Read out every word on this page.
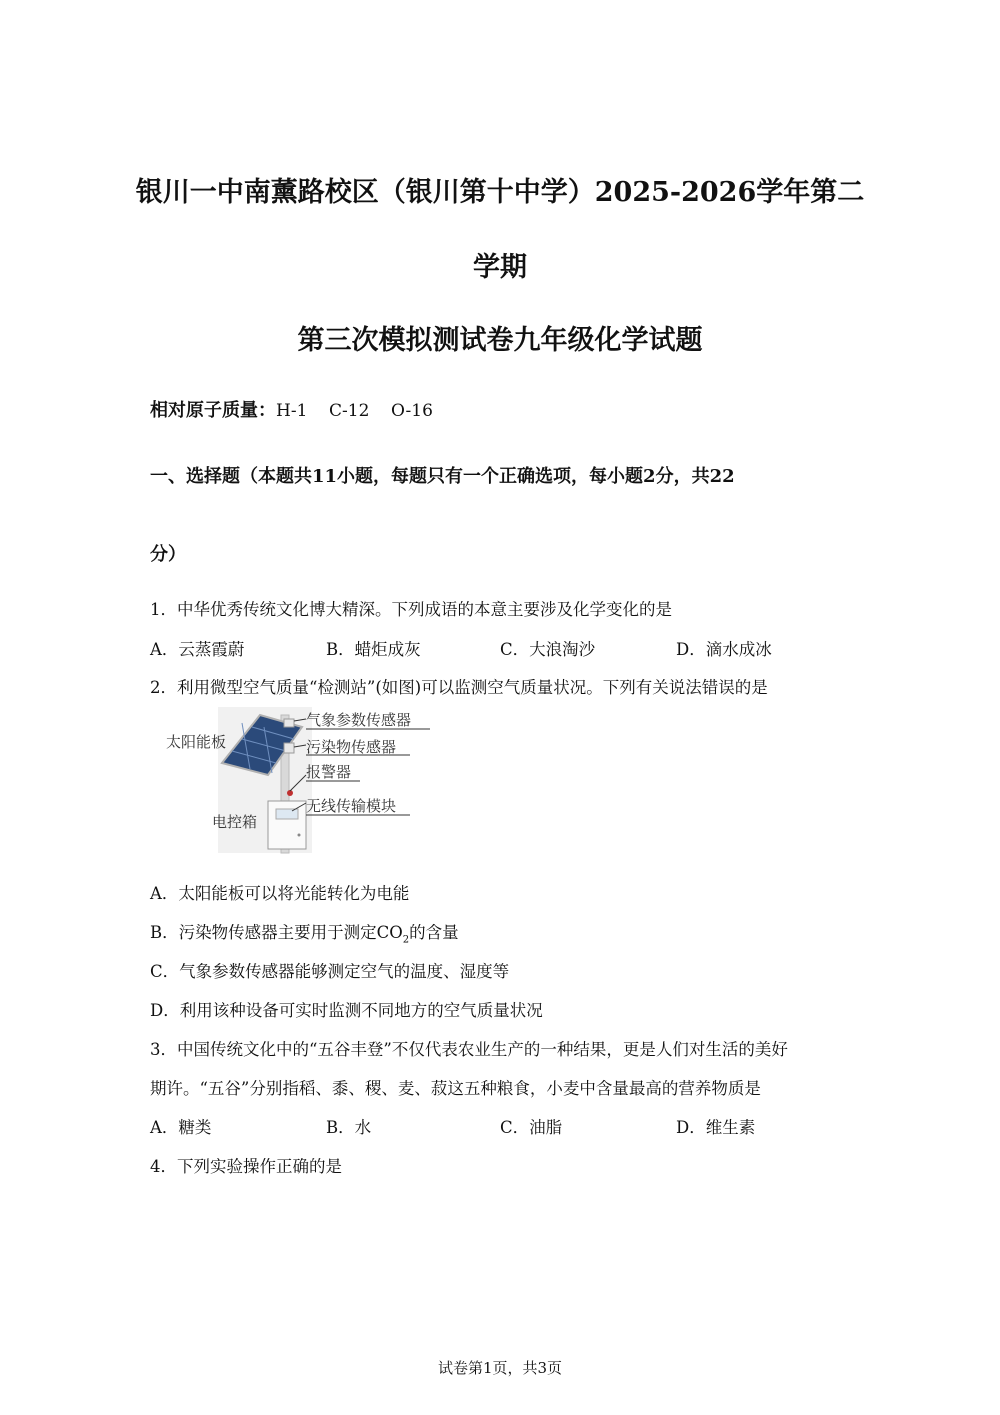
银川一中南薰路校区（银川第十中学）2025-2026学年第二
学期
第三次模拟测试卷九年级化学试题
相对原子质量：H-1    C-12    O-16
一、选择题（本题共11小题，每题只有一个正确选项，每小题2分，共22
分）
1．中华优秀传统文化博大精深。下列成语的本意主要涉及化学变化的是
A．云蒸霞蔚	B．蜡炬成灰	C．大浪淘沙	D．滴水成冰
2．利用微型空气质量“检测站”(如图)可以监测空气质量状况。下列有关说法错误的是
太阳能板
气象参数传感器
污染物传感器
报警器
无线传输模块
电控箱
A．太阳能板可以将光能转化为电能
B．污染物传感器主要用于测定$CO_2$的含量
C．气象参数传感器能够测定空气的温度、湿度等
D．利用该种设备可实时监测不同地方的空气质量状况
3．中国传统文化中的“五谷丰登”不仅代表农业生产的一种结果，更是人们对生活的美好
期许。“五谷”分别指稻、黍、稷、麦、菽这五种粮食，小麦中含量最高的营养物质是
A．糖类	B．水	C．油脂	D．维生素
4．下列实验操作正确的是
试卷第1页，共3页
